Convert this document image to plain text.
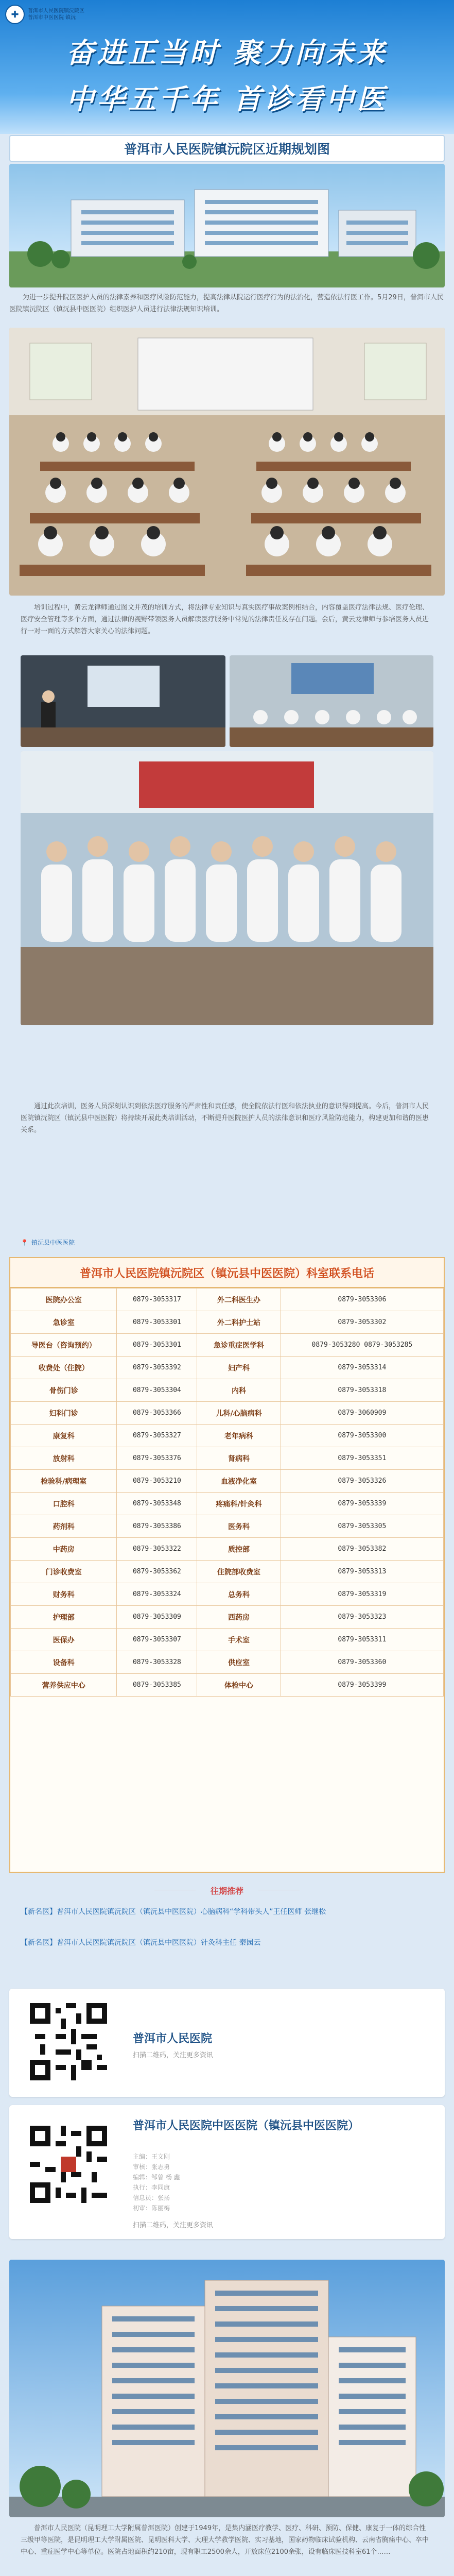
✚	普洱市人民医院镇沅院区
普洱市中医医院 镇沅
奋进正当时 聚力向未来
中华五千年 首诊看中医
普洱市人民医院镇沅院区近期规划图

为进一步提升院区医护人员的法律素养和医疗风险防范能力，提高法律从院运行医疗行为的法治化，营造依法行医工作。5月29日，普洱市人民医院镇沅院区（镇沅县中医医院）组织医护人员进行法律法规知识培训。

培训过程中，黄云龙律师通过图文并茂的培训方式，将法律专业知识与真实医疗事故案例相结合，内容覆盖医疗法律法规、医疗伦理、医疗安全管理等多个方面，通过法律的视野带领医务人员解读医疗服务中常见的法律责任及存在问题。会后，黄云龙律师与参培医务人员进行一对一面的方式解答大家关心的法律问题。

通过此次培训，医务人员深刻认识到依法医疗服务的严肃性和责任感，使全院依法行医和依法执业的意识得到提高。今后，普洱市人民医院镇沅院区（镇沅县中医医院）将持续开展此类培训活动，不断提升医院医护人员的法律意识和医疗风险防范能力，构建更加和谐的医患关系。

📍 镇沅县中医医院
普洱市人民医院镇沅院区（镇沅县中医医院）科室联系电话
医院办公室	0879-3053317	外二科医生办	0879-3053306
急诊室	0879-3053301	外二科护士站	0879-3053302
导医台（咨询预约）	0879-3053301	急诊重症医学科	0879-3053280 0879-3053285
收费处（住院）	0879-3053392	妇产科	0879-3053314
骨伤门诊	0879-3053304	内科	0879-3053318
妇科门诊	0879-3053366	儿科/心脑病科	0879-3060909
康复科	0879-3053327	老年病科	0879-3053300
放射科	0879-3053376	肾病科	0879-3053351
检验科/病理室	0879-3053210	血液净化室	0879-3053326
口腔科	0879-3053348	疼痛科/针灸科	0879-3053339
药剂科	0879-3053386	医务科	0879-3053305
中药房	0879-3053322	质控部	0879-3053382
门诊收费室	0879-3053362	住院部收费室	0879-3053313
财务科	0879-3053324	总务科	0879-3053319
护理部	0879-3053309	西药房	0879-3053323
医保办	0879-3053307	手术室	0879-3053311
设备科	0879-3053328	供应室	0879-3053360
营养供应中心	0879-3053385	体检中心	0879-3053399
往期推荐
【新名医】普洱市人民医院镇沅院区（镇沅县中医医院）心脑病科“学科带头人”王任医师 张继松
【新名医】普洱市人民医院镇沅院区（镇沅县中医医院）针灸科主任 秦园云
普洱市人民医院
扫描二维码，关注更多资讯
普洱市人民医院中医医院（镇沅县中医医院）
主编：王文刚
审核：张志勇
编辑：邹曾 杨 鑫
执行：李同康
信息员：张扬
初审：陈丽梅
扫描二维码，关注更多资讯

普洱市人民医院（昆明理工大学附属普洱医院）创建于1949年，是集内涵医疗教学、医疗、科研、预防、保健、康复于一体的综合性三级甲等医院，是昆明理工大学附属医院、昆明医科大学、大理大学教学医院、实习基地，国家药物临床试验机构、云南省胸痛中心、卒中中心、重症医学中心等单位。医院占地面积约210亩，现有职工2500余人，开放床位2100余张，设有临床医技科室61个……
